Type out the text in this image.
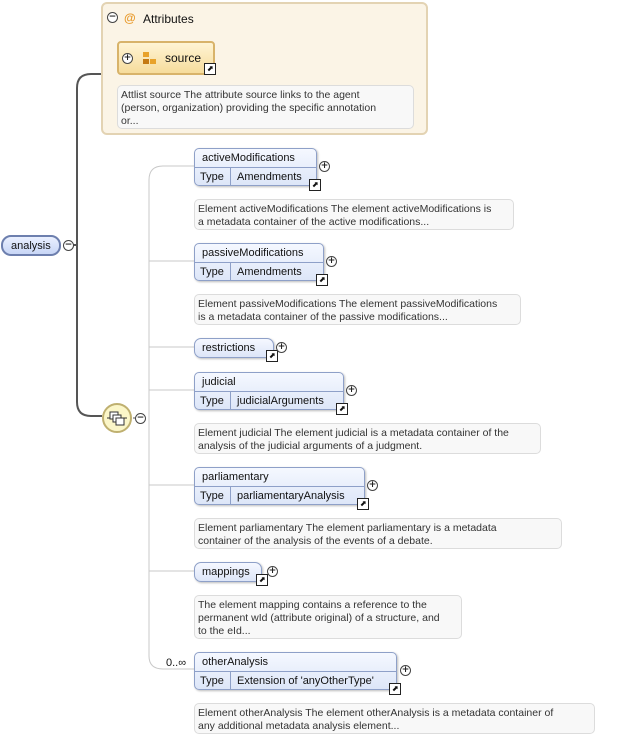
− @ Attributes
+	source
⬈
Attlist source The attribute source links to the agent
(person, organization) providing the specific annotation
or...
analysis −
−
activeModifications
Type Amendments
⬈
+
Element activeModifications The element activeModifications is
a metadata container of the active modifications...
passiveModifications
Type Amendments
⬈
+
Element passiveModifications The element passiveModifications
is a metadata container of the passive modifications...
restrictions
⬈
+
judicial
Type judicialArguments
⬈
+
Element judicial The element judicial is a metadata container of the
analysis of the judicial arguments of a judgment.
parliamentary
Type parliamentaryAnalysis
⬈
+
Element parliamentary The element parliamentary is a metadata
container of the analysis of the events of a debate.
mappings
⬈
+
The element mapping contains a reference to the
permanent wId (attribute original) of a structure, and
to the eId...
0..∞ otherAnalysis
Type Extension of 'anyOtherType'
⬈
+
Element otherAnalysis The element otherAnalysis is a metadata container of
any additional metadata analysis element...
